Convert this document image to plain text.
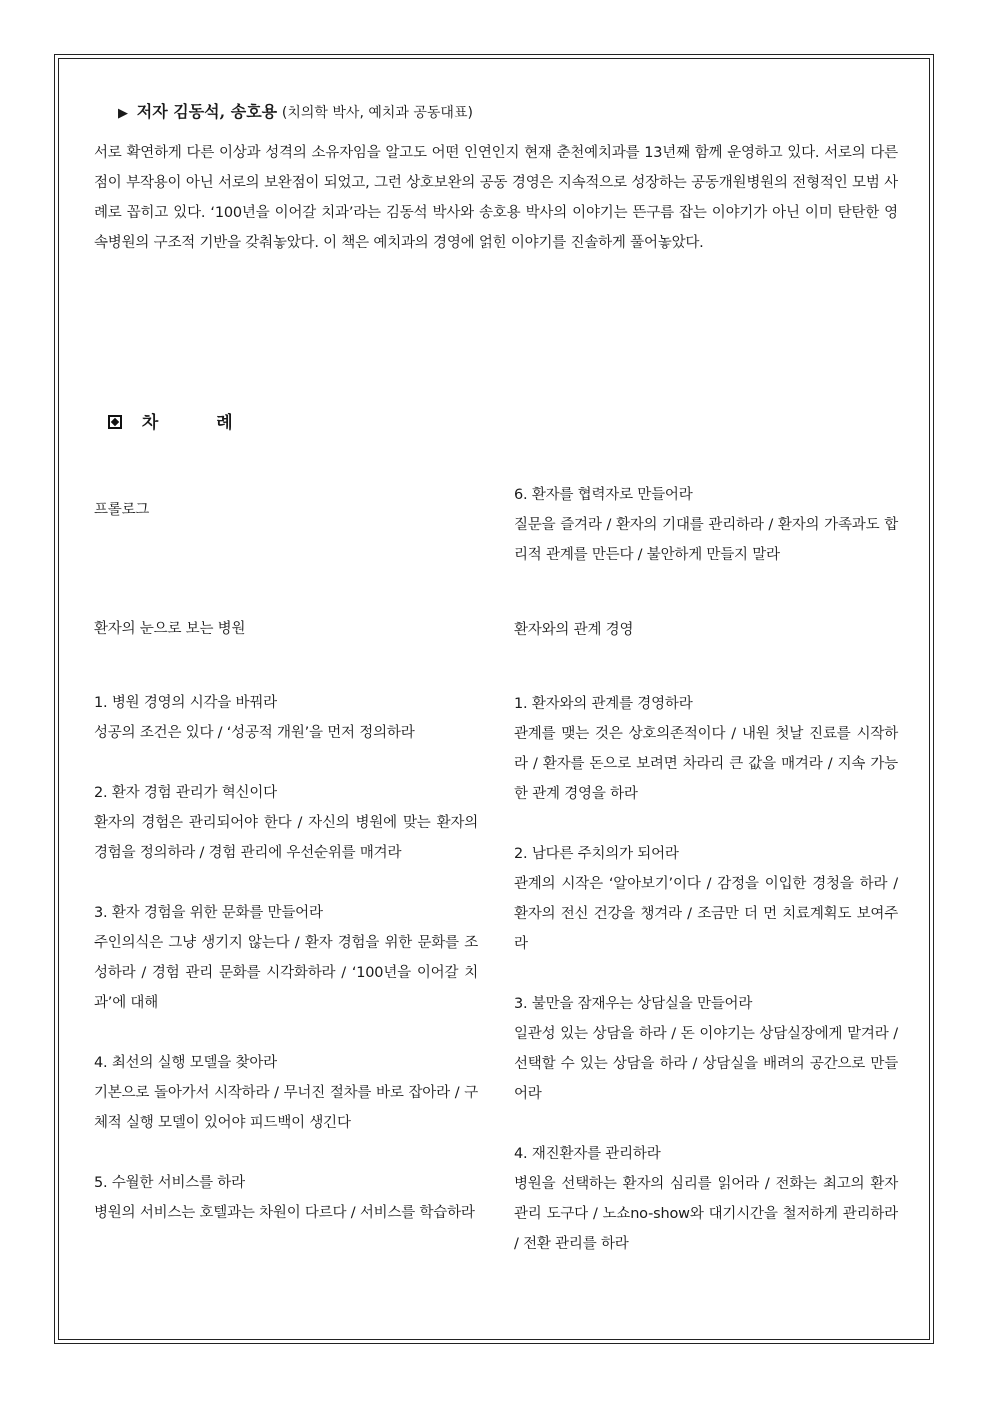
▶ 저자 김동석, 송호용 (치의학 박사, 예치과 공동대표)
서로 확연하게 다른 이상과 성격의 소유자임을 알고도 어떤 인연인지 현재 춘천예치과를 13년째 함께 운영하고 있다. 서로의 다른 점이 부작용이 아닌 서로의 보완점이 되었고, 그런 상호보완의 공동 경영은 지속적으로 성장하는 공동개원병원의 전형적인 모범 사례로 꼽히고 있다. ‘100년을 이어갈 치과’라는 김동석 박사와 송호용 박사의 이야기는 뜬구름 잡는 이야기가 아닌 이미 탄탄한 영속병원의 구조적 기반을 갖춰놓았다. 이 책은 예치과의 경영에 얽힌 이야기를 진솔하게 풀어놓았다.
차 례

프롤로그

환자의 눈으로 보는 병원

1. 병원 경영의 시각을 바꿔라

성공의 조건은 있다 / ‘성공적 개원’을 먼저 정의하라

2. 환자 경험 관리가 혁신이다

환자의 경험은 관리되어야 한다 / 자신의 병원에 맞는 환자의 경험을 정의하라 / 경험 관리에 우선순위를 매겨라

3. 환자 경험을 위한 문화를 만들어라

주인의식은 그냥 생기지 않는다 / 환자 경험을 위한 문화를 조성하라 / 경험 관리 문화를 시각화하라 / ‘100년을 이어갈 치과’에 대해

4. 최선의 실행 모델을 찾아라

기본으로 돌아가서 시작하라 / 무너진 절차를 바로 잡아라 / 구체적 실행 모델이 있어야 피드백이 생긴다

5. 수월한 서비스를 하라

병원의 서비스는 호텔과는 차원이 다르다 / 서비스를 학습하라

6. 환자를 협력자로 만들어라

질문을 즐겨라 / 환자의 기대를 관리하라 / 환자의 가족과도 합리적 관계를 만든다 / 불안하게 만들지 말라

환자와의 관계 경영

1. 환자와의 관계를 경영하라

관계를 맺는 것은 상호의존적이다 / 내원 첫날 진료를 시작하라 / 환자를 돈으로 보려면 차라리 큰 값을 매겨라 / 지속 가능한 관계 경영을 하라

2. 남다른 주치의가 되어라

관계의 시작은 ‘알아보기’이다 / 감정을 이입한 경청을 하라 / 환자의 전신 건강을 챙겨라 / 조금만 더 먼 치료계획도 보여주라

3. 불만을 잠재우는 상담실을 만들어라

일관성 있는 상담을 하라 / 돈 이야기는 상담실장에게 맡겨라 / 선택할 수 있는 상담을 하라 / 상담실을 배려의 공간으로 만들어라

4. 재진환자를 관리하라

병원을 선택하는 환자의 심리를 읽어라 / 전화는 최고의 환자 관리 도구다 / 노쇼no-show와 대기시간을 철저하게 관리하라 / 전환 관리를 하라
